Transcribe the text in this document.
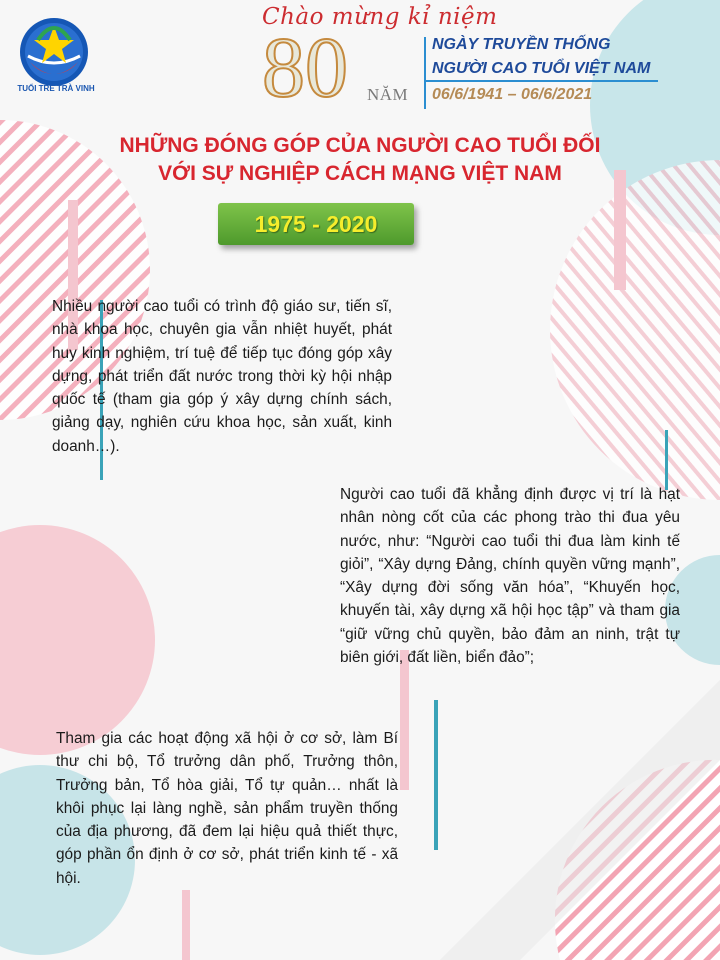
TUỔI TRẺ TRÀ VINH
Chào mừng kỉ niệm
80 NĂM
NGÀY TRUYỀN THỐNG
NGƯỜI CAO TUỔI VIỆT NAM
06/6/1941 – 06/6/2021
NHỮNG ĐÓNG GÓP CỦA NGƯỜI CAO TUỔI ĐỐI
VỚI SỰ NGHIỆP CÁCH MẠNG VIỆT NAM
1975 - 2020

Nhiều người cao tuổi có trình độ giáo sư, tiến sĩ, nhà khoa học, chuyên gia vẫn nhiệt huyết, phát huy kinh nghiệm, trí tuệ để tiếp tục đóng góp xây dựng, phát triển đất nước trong thời kỳ hội nhập quốc tế (tham gia góp ý xây dựng chính sách, giảng dạy, nghiên cứu khoa học, sản xuất, kinh doanh…).

Người cao tuổi đã khẳng định được vị trí là hạt nhân nòng cốt của các phong trào thi đua yêu nước, như: “Người cao tuổi thi đua làm kinh tế giỏi”, “Xây dựng Đảng, chính quyền vững mạnh”, “Xây dựng đời sống văn hóa”, “Khuyến học, khuyến tài, xây dựng xã hội học tập” và tham gia “giữ vững chủ quyền, bảo đảm an ninh, trật tự biên giới, đất liền, biển đảo”;

Tham gia các hoạt động xã hội ở cơ sở, làm Bí thư chi bộ, Tổ trưởng dân phố, Trưởng thôn, Trưởng bản, Tổ hòa giải, Tổ tự quản… nhất là khôi phục lại làng nghề, sản phẩm truyền thống của địa phương, đã đem lại hiệu quả thiết thực, góp phần ổn định ở cơ sở, phát triển kinh tế - xã hội.
